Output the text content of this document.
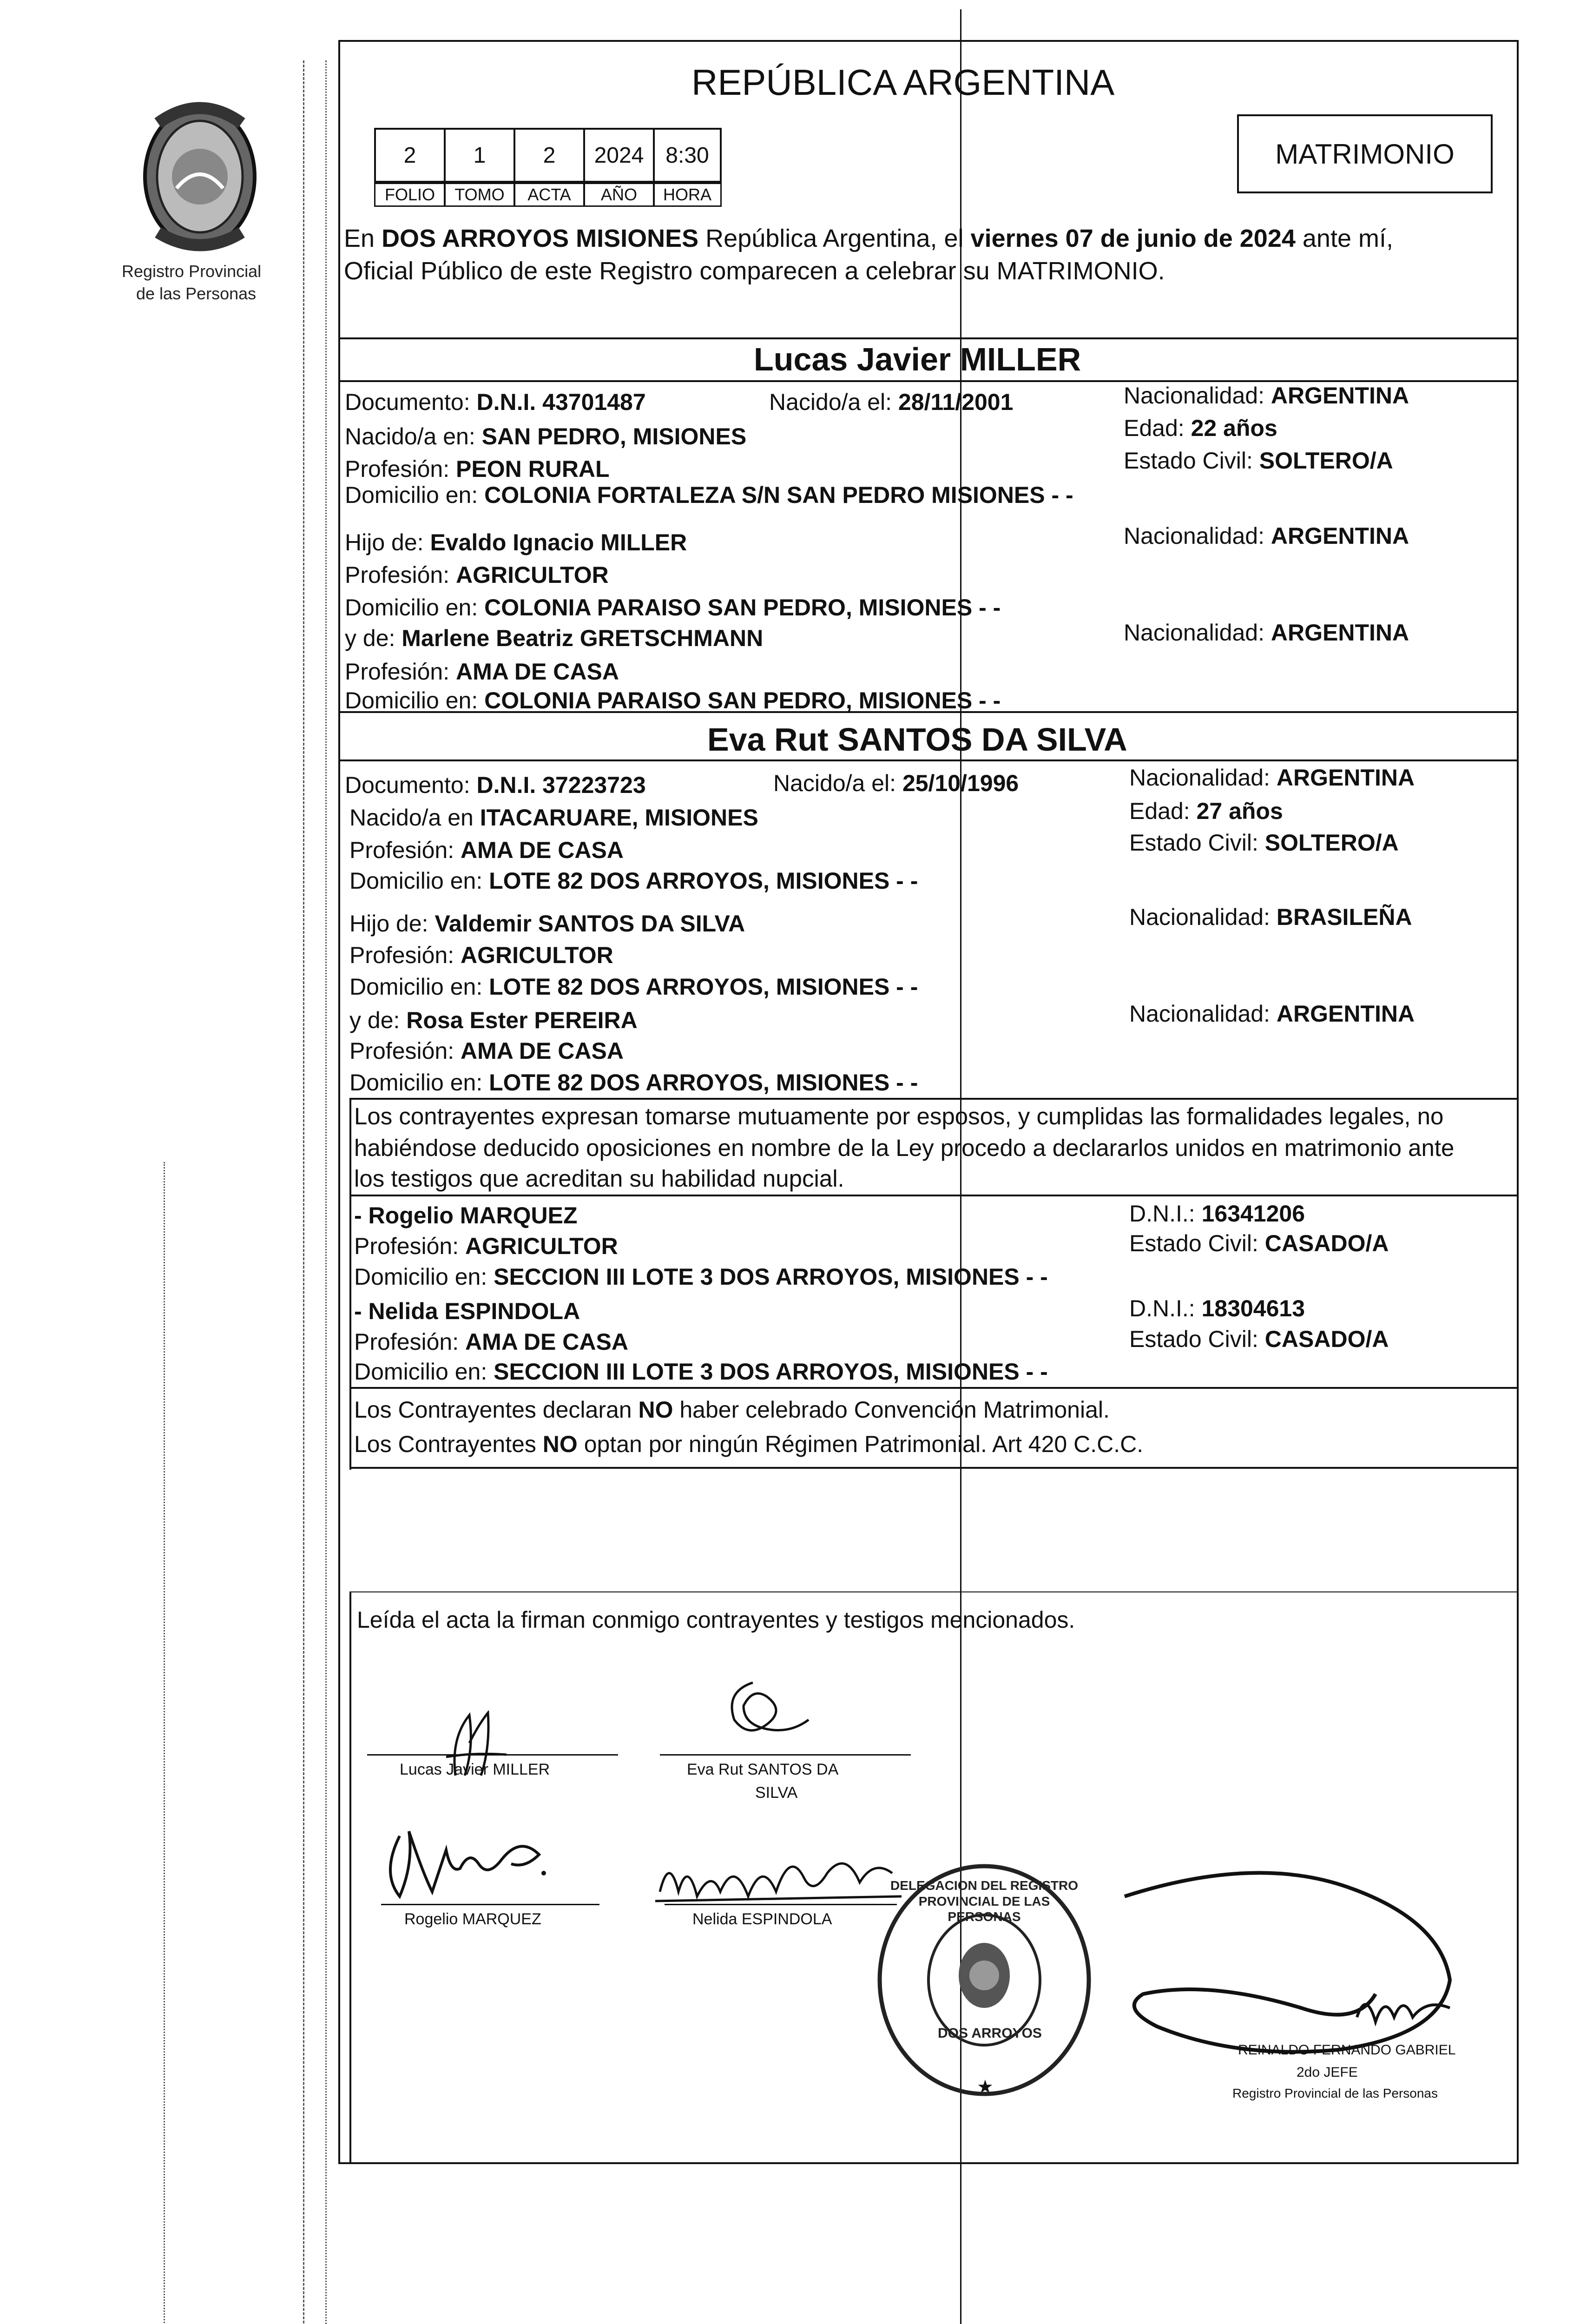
Registro Provincial
de las Personas
REPÚBLICA ARGENTINA
2	1	2	2024 8:30
FOLIO	TOMO	ACTA	AÑO	HORA
MATRIMONIO
En DOS ARROYOS MISIONES República Argentina, el viernes 07 de junio de 2024 ante mí,
Oficial Público de este Registro comparecen a celebrar su MATRIMONIO.
Lucas Javier MILLER
Documento: D.N.I. 43701487	Nacido/a el: 28/11/2001	Nacionalidad: ARGENTINA
Nacido/a en: SAN PEDRO, MISIONES	Edad: 22 años
Profesión: PEON RURAL	Estado Civil: SOLTERO/A
Domicilio en: COLONIA FORTALEZA S/N SAN PEDRO MISIONES - -
Hijo de: Evaldo Ignacio MILLER	Nacionalidad: ARGENTINA
Profesión: AGRICULTOR
Domicilio en: COLONIA PARAISO SAN PEDRO, MISIONES - -
y de: Marlene Beatriz GRETSCHMANN	Nacionalidad: ARGENTINA
Profesión: AMA DE CASA
Domicilio en: COLONIA PARAISO SAN PEDRO, MISIONES - -
Eva Rut SANTOS DA SILVA
Documento: D.N.I. 37223723	Nacido/a el: 25/10/1996	Nacionalidad: ARGENTINA
Nacido/a en ITACARUARE, MISIONES	Edad: 27 años
Profesión: AMA DE CASA	Estado Civil: SOLTERO/A
Domicilio en: LOTE 82 DOS ARROYOS, MISIONES - -
Hijo de: Valdemir SANTOS DA SILVA	Nacionalidad: BRASILEÑA
Profesión: AGRICULTOR
Domicilio en: LOTE 82 DOS ARROYOS, MISIONES - -
y de: Rosa Ester PEREIRA	Nacionalidad: ARGENTINA
Profesión: AMA DE CASA
Domicilio en: LOTE 82 DOS ARROYOS, MISIONES - -
Los contrayentes expresan tomarse mutuamente por esposos, y cumplidas las formalidades legales, no
habiéndose deducido oposiciones en nombre de la Ley procedo a declararlos unidos en matrimonio ante
los testigos que acreditan su habilidad nupcial.
- Rogelio MARQUEZ	D.N.I.: 16341206
Profesión: AGRICULTOR	Estado Civil: CASADO/A
Domicilio en: SECCION III LOTE 3 DOS ARROYOS, MISIONES - -
- Nelida ESPINDOLA	D.N.I.: 18304613
Profesión: AMA DE CASA	Estado Civil: CASADO/A
Domicilio en: SECCION III LOTE 3 DOS ARROYOS, MISIONES - -
Los Contrayentes declaran NO haber celebrado Convención Matrimonial.
Los Contrayentes NO optan por ningún Régimen Patrimonial. Art 420 C.C.C.
Leída el acta la firman conmigo contrayentes y testigos mencionados.
Lucas Javier MILLER	Eva Rut SANTOS DA
SILVA
Rogelio MARQUEZ	Nelida ESPINDOLA
DELEGACION DEL REGISTRO PROVINCIAL DE LAS PERSONAS
DOS ARROYOS
★
REINALDO FERNANDO GABRIEL
2do JEFE
Registro Provincial de las Personas
